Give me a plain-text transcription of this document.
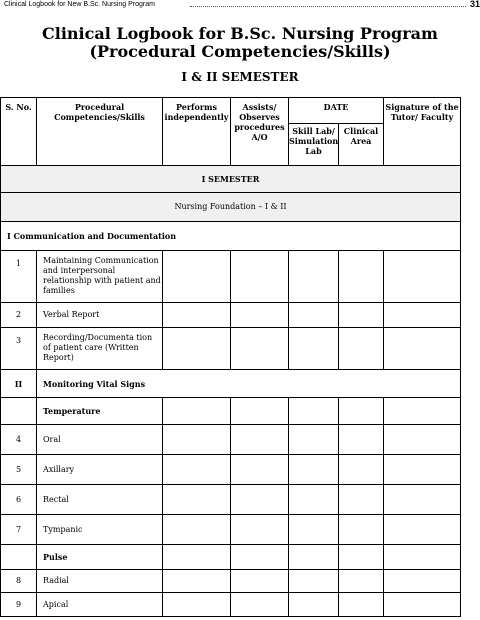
Clinical Logbook for New B.Sc. Nursing Program	31
Clinical Logbook for B.Sc. Nursing Program
(Procedural Competencies/Skills)
I & II SEMESTER
S. No.	Procedural Competencies/Skills	Performs independently	Assists/ Observes procedures A/O	DATE		Signature of the Tutor/ Faculty

				Skill Lab/ Simulation Lab	Clinical Area	

I SEMESTER						
Nursing Foundation – I & II						
I Communication and Documentation						
1	Maintaining Communication and interpersonal relationship with patient and families					
2	Verbal Report					
3	Recording/Documenta tion of patient care (Written Report)					
II	Monitoring Vital Signs					
	Temperature					
4	Oral					
5	Axillary					
6	Rectal					
7	Tympanic					
	Pulse					
8	Radial					
9	Apical					
